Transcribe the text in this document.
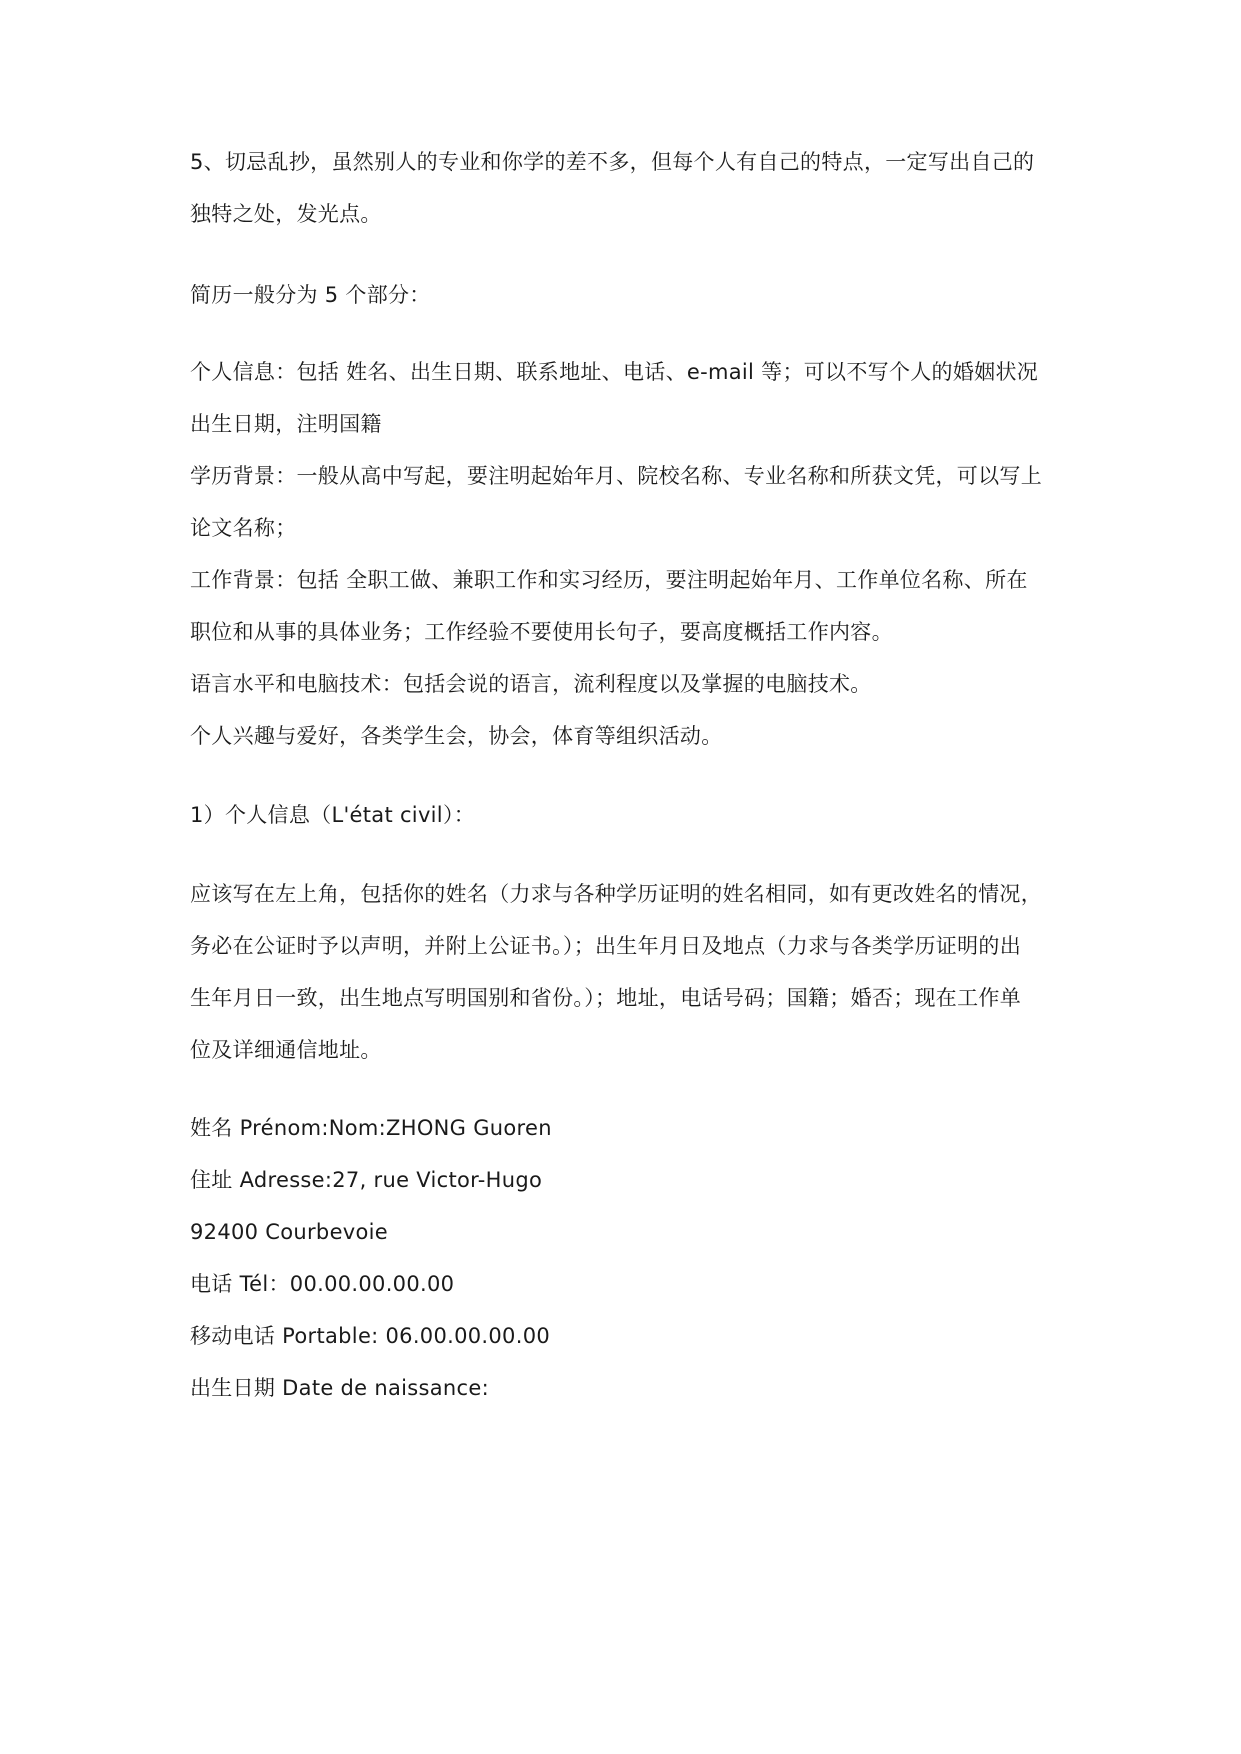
5、切忌乱抄，虽然别人的专业和你学的差不多，但每个人有自己的特点，一定写出自己的
独特之处，发光点。
简历一般分为 5 个部分：
个人信息：包括 姓名、出生日期、联系地址、电话、e-mail 等；可以不写个人的婚姻状况
出生日期，注明国籍
学历背景：一般从高中写起，要注明起始年月、院校名称、专业名称和所获文凭，可以写上
论文名称；
工作背景：包括 全职工做、兼职工作和实习经历，要注明起始年月、工作单位名称、所在
职位和从事的具体业务；工作经验不要使用长句子，要高度概括工作内容。
语言水平和电脑技术：包括会说的语言，流利程度以及掌握的电脑技术。
个人兴趣与爱好，各类学生会，协会，体育等组织活动。
1）个人信息（L'état civil）：
应该写在左上角，包括你的姓名（力求与各种学历证明的姓名相同，如有更改姓名的情况，
务必在公证时予以声明，并附上公证书。）；出生年月日及地点（力求与各类学历证明的出
生年月日一致，出生地点写明国别和省份。）；地址，电话号码；国籍；婚否；现在工作单
位及详细通信地址。
姓名 Prénom:Nom:ZHONG Guoren
住址 Adresse:27, rue Victor-Hugo
92400 Courbevoie
电话 Tél：00.00.00.00.00
移动电话 Portable: 06.00.00.00.00
出生日期 Date de naissance:
